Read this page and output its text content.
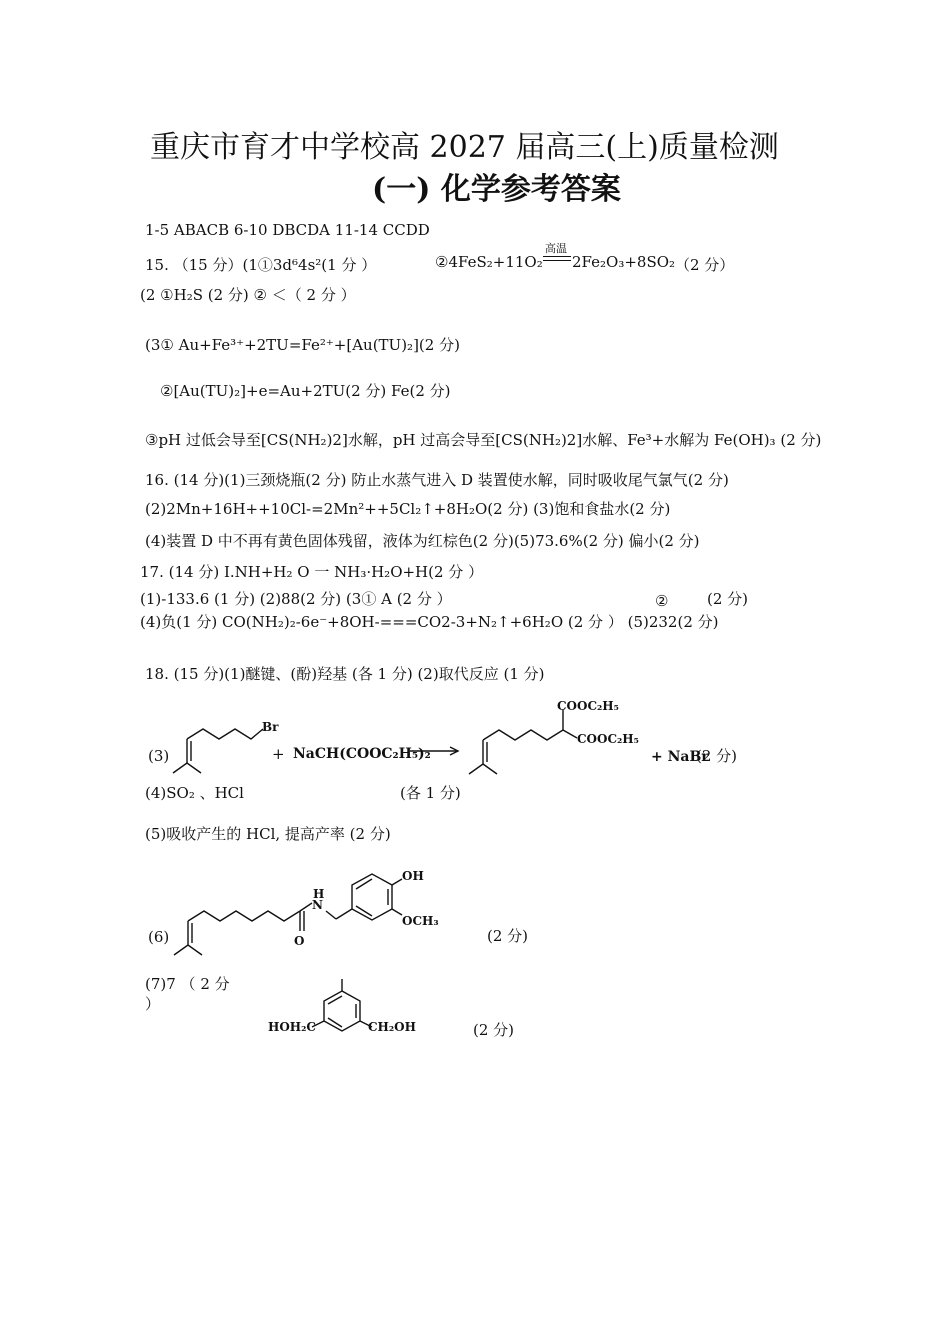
重庆市育才中学校高 2027 届高三(上)质量检测
(一) 化学参考答案
1-5 ABACB 6-10 DBCDA 11-14 CCDD
15. （15 分）(1①3d⁶4s²(1 分 ）	②4FeS₂+11O₂
高温
2Fe₂O₃+8SO₂ （2 分）
(2 ①H₂S (2 分) ② ＜（ 2 分 ）
(3① Au+Fe³⁺+2TU=Fe²⁺+[Au(TU)₂](2 分)
②[Au(TU)₂]+e=Au+2TU(2 分) Fe(2 分)
③pH 过低会导至[CS(NH₂)2]水解，pH 过高会导至[CS(NH₂)2]水解、Fe³+水解为 Fe(OH)₃ (2 分)
16. (14 分)(1)三颈烧瓶(2 分) 防止水蒸气进入 D 装置使水解，同时吸收尾气氯气(2 分)
(2)2Mn+16H++10Cl-=2Mn²++5Cl₂↑+8H₂O(2 分) (3)饱和食盐水(2 分)
(4)装置 D 中不再有黄色固体残留，液体为红棕色(2 分)(5)73.6%(2 分) 偏小(2 分)
17. (14 分) I.NH+H₂ O 一 NH₃·H₂O+H(2 分 ）
(1)-133.6 (1 分) (2)88(2 分) (3① A (2 分 ）	②	(2 分)
(4)负(1 分) CO(NH₂)₂-6e⁻+8OH-===CO2-3+N₂↑+6H₂O (2 分 ） (5)232(2 分)
18. (15 分)(1)醚键、(酚)羟基 (各 1 分) (2)取代反应 (1 分)
(3)
Br
+ NaCH(COOC₂H₅)₂
COOC₂H₅
COOC₂H₅
+ NaBr
(2 分)
(4)SO₂ 、HCl	(各 1 分)
(5)吸收产生的 HCl, 提高产率 (2 分)
(6)
N
H
O
OH
OCH₃
(2 分)
(7)7 （ 2 分
）
HOH₂C	CH₂OH	(2 分)
